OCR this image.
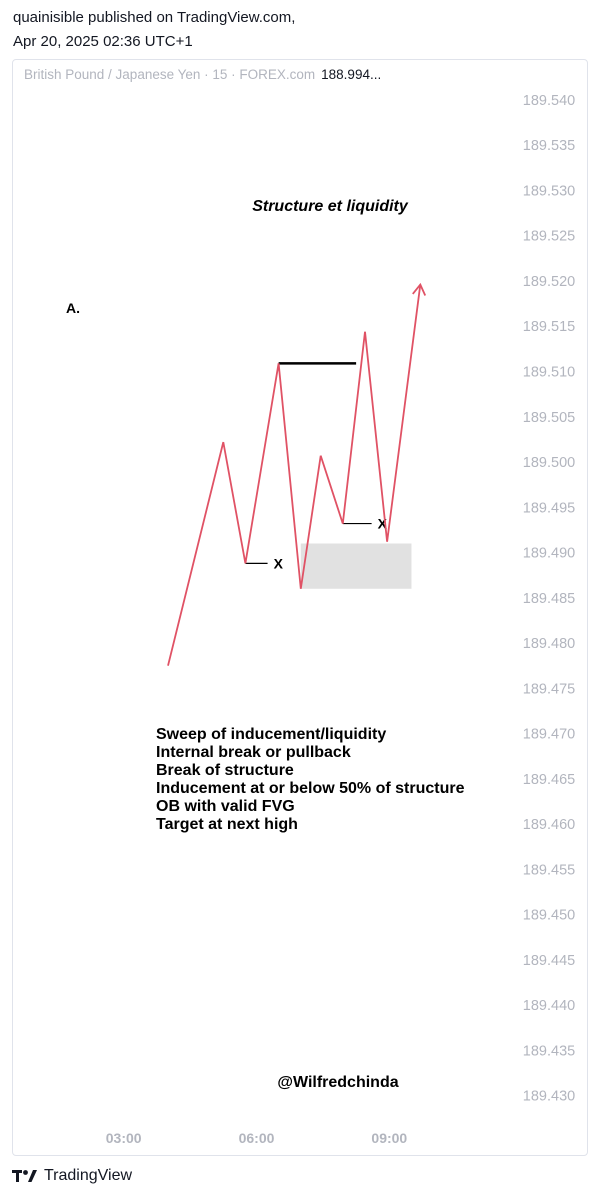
quainisible published on TradingView.com,
Apr 20, 2025 02:36 UTC+1
British Pound / Japanese Yen · 15 · FOREX.com 188.994...
189.540
189.535
189.530
189.525
189.520
189.515
189.510
189.505
189.500
189.495
189.490
189.485
189.480
189.475
189.470
189.465
189.460
189.455
189.450
189.445
189.440
189.435
189.430
03:00	06:00	09:00
X
X
Structure et liquidity
A.
Sweep of inducement/liquidity
Internal break or pullback
Break of structure
Inducement at or below 50% of structure
OB with valid FVG
Target at next high
@Wilfredchinda
TradingView
